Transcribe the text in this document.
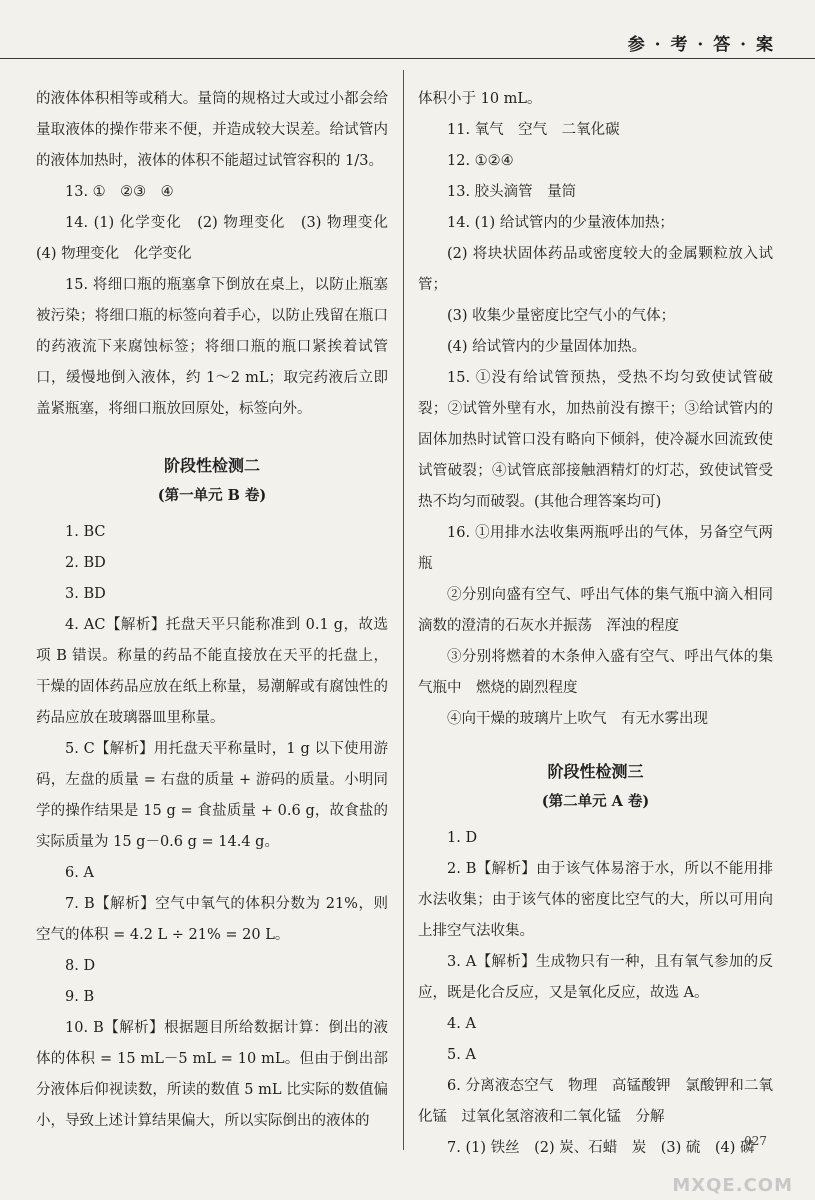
参 · 考 · 答 · 案

的液体体积相等或稍大。量筒的规格过大或过小都会给量取液体的操作带来不便，并造成较大误差。给试管内的液体加热时，液体的体积不能超过试管容积的 1/3。

13. ①　②③　④

14. (1) 化学变化　(2) 物理变化　(3) 物理变化　(4) 物理变化　化学变化

15. 将细口瓶的瓶塞拿下倒放在桌上，以防止瓶塞被污染；将细口瓶的标签向着手心，以防止残留在瓶口的药液流下来腐蚀标签；将细口瓶的瓶口紧挨着试管口，缓慢地倒入液体，约 1～2 mL；取完药液后立即盖紧瓶塞，将细口瓶放回原处，标签向外。

阶段性检测二

(第一单元 B 卷)

1. BC

2. BD

3. BD

4. AC【解析】托盘天平只能称准到 0.1 g，故选项 B 错误。称量的药品不能直接放在天平的托盘上，干燥的固体药品应放在纸上称量，易潮解或有腐蚀性的药品应放在玻璃器皿里称量。

5. C【解析】用托盘天平称量时，1 g 以下使用游码，左盘的质量 = 右盘的质量 + 游码的质量。小明同学的操作结果是 15 g = 食盐质量 + 0.6 g，故食盐的实际质量为 15 g－0.6 g = 14.4 g。

6. A

7. B【解析】空气中氧气的体积分数为 21%，则空气的体积 = 4.2 L ÷ 21% = 20 L。

8. D

9. B

10. B【解析】根据题目所给数据计算：倒出的液体的体积 = 15 mL－5 mL = 10 mL。但由于倒出部分液体后仰视读数，所读的数值 5 mL 比实际的数值偏小，导致上述计算结果偏大，所以实际倒出的液体的

体积小于 10 mL。

11. 氧气　空气　二氧化碳

12. ①②④

13. 胶头滴管　量筒

14. (1) 给试管内的少量液体加热；

(2) 将块状固体药品或密度较大的金属颗粒放入试管；

(3) 收集少量密度比空气小的气体；

(4) 给试管内的少量固体加热。

15. ①没有给试管预热，受热不均匀致使试管破裂；②试管外壁有水，加热前没有擦干；③给试管内的固体加热时试管口没有略向下倾斜，使冷凝水回流致使试管破裂；④试管底部接触酒精灯的灯芯，致使试管受热不均匀而破裂。(其他合理答案均可)

16. ①用排水法收集两瓶呼出的气体，另备空气两瓶

②分别向盛有空气、呼出气体的集气瓶中滴入相同滴数的澄清的石灰水并振荡　浑浊的程度

③分别将燃着的木条伸入盛有空气、呼出气体的集气瓶中　燃烧的剧烈程度

④向干燥的玻璃片上吹气　有无水雾出现

阶段性检测三

(第二单元 A 卷)

1. D

2. B【解析】由于该气体易溶于水，所以不能用排水法收集；由于该气体的密度比空气的大，所以可用向上排空气法收集。

3. A【解析】生成物只有一种，且有氧气参加的反应，既是化合反应，又是氧化反应，故选 A。

4. A

5. A

6. 分离液态空气　物理　高锰酸钾　氯酸钾和二氧化锰　过氧化氢溶液和二氧化锰　分解

7. (1) 铁丝　(2) 炭、石蜡　炭　(3) 硫　(4) 磷

027
MXQE.COM
